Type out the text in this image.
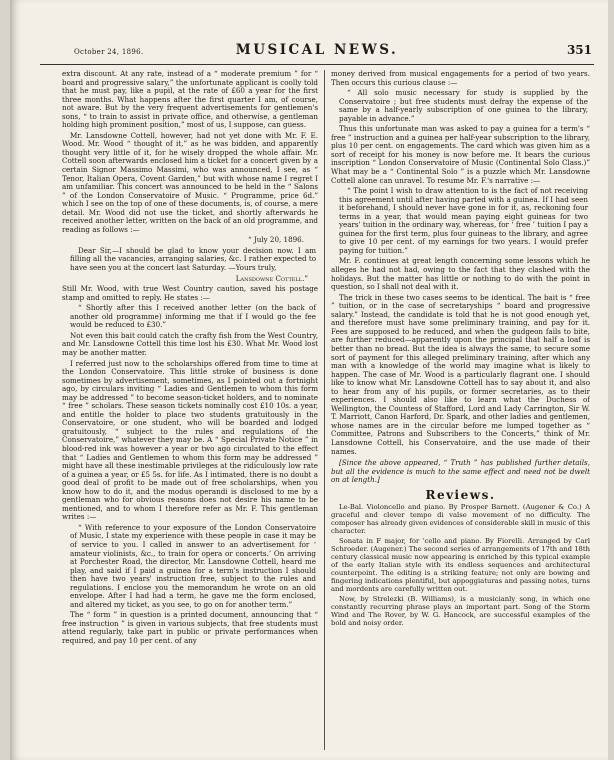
October 24, 1896.	MUSICAL NEWS.	351

extra discount. At any rate, instead of a “ moderate premium ” for “ board and progressive salary,” the unfortunate applicant is coolly told that he must pay, like a pupil, at the rate of £60 a year for the first three months. What happens after the first quarter I am, of course, not aware. But by the very frequent advertisements for gentlemen's sons, “ to train to assist in private office, and otherwise, a gentleman holding high prominent position,” most of us, I suppose, can guess.

Mr. Lansdowne Cottell, however, had not yet done with Mr. F. E. Wood. Mr. Wood “ thought of it,” as he was bidden, and apparently thought very little of it, for he wisely dropped the whole affair. Mr. Cottell soon afterwards enclosed him a ticket for a concert given by a certain Signor Massimo Massimi, who was announced, I see, as “ Tenor, Italian Opera, Covent Garden,” but with whose name I regret I am unfamiliar. This concert was announced to be held in the “ Salons ” of the London Conservatoire of Music. “ Programme, price 6d.” which I see on the top of one of these documents, is, of course, a mere detail. Mr. Wood did not use the ticket, and shortly afterwards he received another letter, written on the back of an old programme, and reading as follows :—

“ July 20, 1896.

Dear Sir,—I should be glad to know your decision now. I am filling all the vacancies, arranging salaries, &c. I rather expected to have seen you at the concert last Saturday. —Yours truly,

Lansdowne Cottell.”

Still Mr. Wood, with true West Country caution, saved his postage stamp and omitted to reply. He states :—

“ Shortly after this I received another letter (on the back of another old programme) informing me that if I would go the fee would be reduced to £30.”

Not even this bait could catch the crafty fish from the West Country, and Mr. Lansdowne Cottell this time lost his £30. What Mr. Wood lost may be another matter.

I referred just now to the scholarships offered from time to time at the London Conservatoire. This little stroke of business is done sometimes by advertisement, sometimes, as I pointed out a fortnight ago, by circulars inviting “ Ladies and Gentlemen to whom this form may be addressed ” to become season-ticket holders, and to nominate “ free ” scholars. These season tickets nominally cost £10 10s. a year, and entitle the holder to place two students gratuitously in the Conservatoire, or one student, who will be boarded and lodged gratuitously, “ subject to the rules and regulations of the Conservatoire,” whatever they may be. A “ Special Private Notice ” in blood-red ink was however a year or two ago circulated to the effect that “ Ladies and Gentlemen to whom this form may be addressed ” might have all these inestimable privileges at the ridiculously low rate of a guinea a year, or £5 5s. for life. As I intimated, there is no doubt a good deal of profit to be made out of free scholarships, when you know how to do it, and the modus operandi is disclosed to me by a gentleman who for obvious reasons does not desire his name to be mentioned, and to whom I therefore refer as Mr. F. This gentleman writes :—

“ With reference to your exposure of the London Conservatoire of Music, I state my experience with these people in case it may be of service to you. I called in answer to an advertisement for ‘ amateur violinists, &c., to train for opera or concerts.’ On arriving at Porchester Road, the director, Mr. Lansdowne Cottell, heard me play, and said if I paid a guinea for a term's instruction I should then have two years' instruction free, subject to the rules and regulations. I enclose you the memorandum he wrote on an old envelope. After I had had a term, he gave me the form enclosed, and altered my ticket, as you see, to go on for another term.”

The “ form ” in question is a printed document, announcing that “ free instruction ” is given in various subjects, that free students must attend regularly, take part in public or private performances when required, and pay 10 per cent. of any

money derived from musical engagements for a period of two years. Then occurs this curious clause :—

“ All solo music necessary for study is supplied by the Conservatoire ; but free students must defray the expense of the same by a half-yearly subscription of one guinea to the library, payable in advance.”

Thus this unfortunate man was asked to pay a guinea for a term's “ free ” instruction and a guinea per half-year subscription to the library, plus 10 per cent. on engagements. The card which was given him as a sort of receipt for his money is now before me. It bears the curious inscription “ London Conservatoire of Music (Continental Solo Class.)” What may be a “ Continental Solo ” is a puzzle which Mr. Lansdowne Cottell alone can unravel. To resume Mr. F.'s narrative :—

“ The point I wish to draw attention to is the fact of not receiving this agreement until after having parted with a guinea. If I had seen it beforehand, I should never have gone in for it, as, reckoning four terms in a year, that would mean paying eight guineas for two years' tuition in the ordinary way, whereas, for ‘ free ’ tuition I pay a guinea for the first term, plus four guineas to the library, and agree to give 10 per cent. of my earnings for two years. I would prefer paying for tuition.”

Mr. F. continues at great length concerning some lessons which he alleges he had not had, owing to the fact that they clashed with the holidays. But the matter has little or nothing to do with the point in question, so I shall not deal with it.

The trick in these two cases seems to be identical. The bait is “ free ” tuition, or in the case of secretaryships “ board and progressive salary.” Instead, the candidate is told that he is not good enough yet, and therefore must have some preliminary training, and pay for it. Fees are supposed to be reduced, and when the gudgeon fails to bite, are further reduced—apparently upon the principal that half a loaf is better than no bread. But the idea is always the same, to secure some sort of payment for this alleged preliminary training, after which any man with a knowledge of the world may imagine what is likely to happen. The case of Mr. Wood is a particularly flagrant one. I should like to know what Mr. Lansdowne Cottell has to say about it, and also to hear from any of his pupils, or former secretaries, as to their experiences. I should also like to learn what the Duchess of Wellington, the Countess of Stafford, Lord and Lady Carrington, Sir W. T. Marriott, Canon Harford, Dr. Spark, and other ladies and gentlemen, whose names are in the circular before me lumped together as “ Committee, Patrons and Subscribers to the Concerts,” think of Mr. Lansdowne Cottell, his Conservatoire, and the use made of their names.

[Since the above appeared, “ Truth ” has published further details, but all the evidence is much to the same effect and need not be dwelt on at length.]

Reviews.

Le-Bal. Violoncello and piano. By Prosper Barnett. (Augener & Co.) A graceful and clever tempo di valse movement of no difficulty. The composer has already given evidences of considerable skill in music of this character.

Sonata in F major, for 'cello and piano. By Fiorelli. Arranged by Carl Schroeder. (Augener.) The second series of arrangements of 17th and 18th century classical music now appearing is enriched by this typical example of the early Italian style with its endless sequences and architectural counterpoint. The editing is a striking feature; not only are bowing and fingering indications plentiful, but appoggiaturas and passing notes, turns and mordents are carefully written out.

Now, by Strelezki (B. Williams), is a musicianly song, in which one constantly recurring phrase plays an important part. Song of the Storm Wind and The Rover, by W. G. Hancock, are successful examples of the bold and noisy order.
